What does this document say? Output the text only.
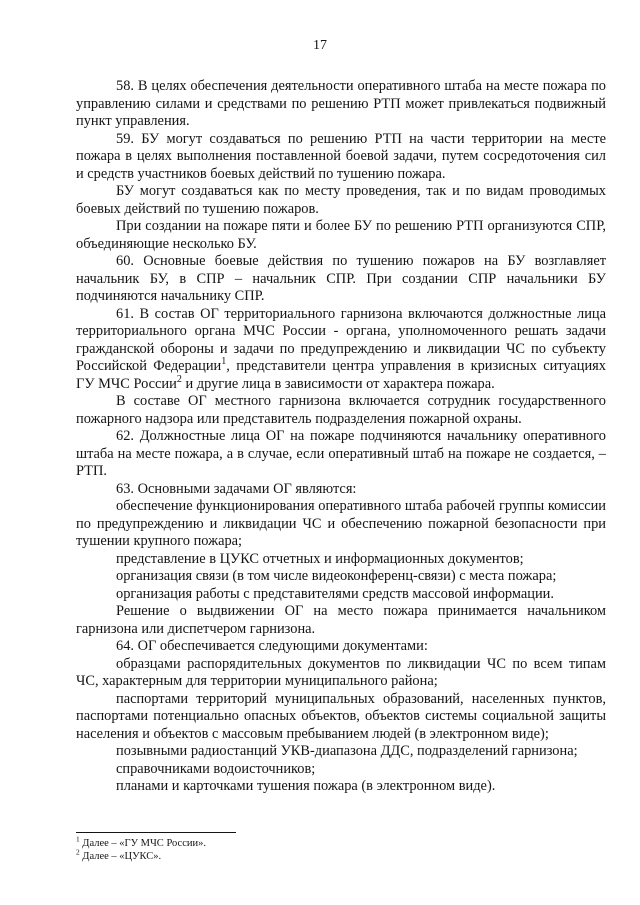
17

58. В целях обеспечения деятельности оперативного штаба на месте пожара по управлению силами и средствами по решению РТП может привлекаться подвижный пункт управления.

59. БУ могут создаваться по решению РТП на части территории на месте пожара в целях выполнения поставленной боевой задачи, путем сосредоточения сил и средств участников боевых действий по тушению пожара.

БУ могут создаваться как по месту проведения, так и по видам проводимых боевых действий по тушению пожаров.

При создании на пожаре пяти и более БУ по решению РТП организуются СПР, объединяющие несколько БУ.

60. Основные боевые действия по тушению пожаров на БУ возглавляет начальник БУ, в СПР – начальник СПР. При создании СПР начальники БУ подчиняются начальнику СПР.

61. В состав ОГ территориального гарнизона включаются должностные лица территориального органа МЧС России - органа, уполномоченного решать задачи гражданской обороны и задачи по предупреждению и ликвидации ЧС по субъекту Российской Федерации$^1$, представители центра управления в кризисных ситуациях ГУ МЧС России$^2$ и другие лица в зависимости от характера пожара.

В составе ОГ местного гарнизона включается сотрудник государственного пожарного надзора или представитель подразделения пожарной охраны.

62. Должностные лица ОГ на пожаре подчиняются начальнику оперативного штаба на месте пожара, а в случае, если оперативный штаб на пожаре не создается, – РТП.

63. Основными задачами ОГ являются:

обеспечение функционирования оперативного штаба рабочей группы комиссии по предупреждению и ликвидации ЧС и обеспечению пожарной безопасности при тушении крупного пожара;

представление в ЦУКС отчетных и информационных документов;

организация связи (в том числе видеоконференц-связи) с места пожара;

организация работы с представителями средств массовой информации.

Решение о выдвижении ОГ на место пожара принимается начальником гарнизона или диспетчером гарнизона.

64. ОГ обеспечивается следующими документами:

образцами распорядительных документов по ликвидации ЧС по всем типам ЧС, характерным для территории муниципального района;

паспортами территорий муниципальных образований, населенных пунктов, паспортами потенциально опасных объектов, объектов системы социальной защиты населения и объектов с массовым пребыванием людей (в электронном виде);

позывными радиостанций УКВ-диапазона ДДС, подразделений гарнизона;

справочниками водоисточников;

планами и карточками тушения пожара (в электронном виде).

$^1$ Далее – «ГУ МЧС России».
$^2$ Далее – «ЦУКС».
